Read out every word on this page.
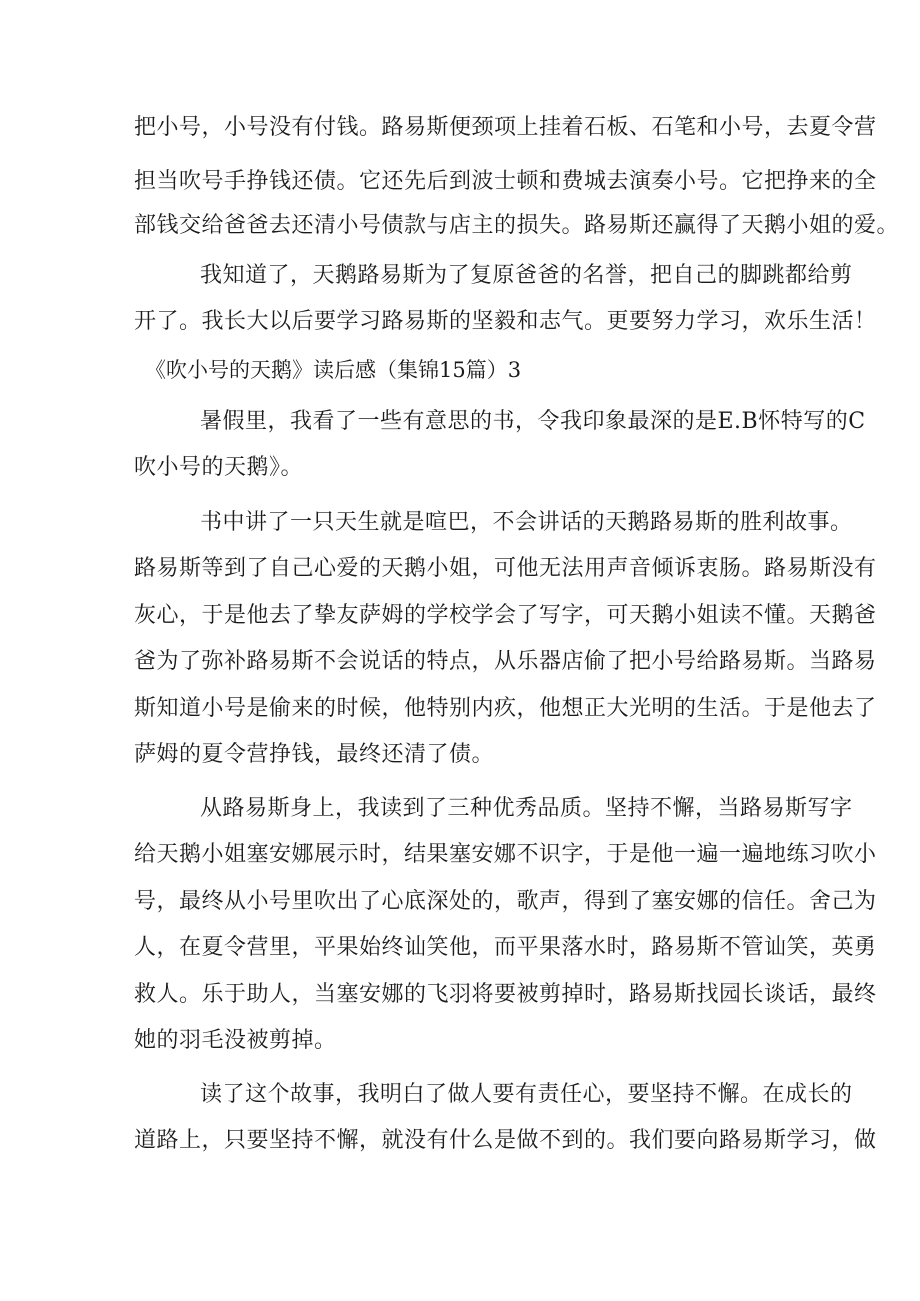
把小号，小号没有付钱。路易斯便颈项上挂着石板、石笔和小号，去夏令营
担当吹号手挣钱还债。它还先后到波士顿和费城去演奏小号。它把挣来的全
部钱交给爸爸去还清小号债款与店主的损失。路易斯还赢得了天鹅小姐的爱。
我知道了，天鹅路易斯为了复原爸爸的名誉，把自己的脚跳都给剪
开了。我长大以后要学习路易斯的坚毅和志气。更要努力学习，欢乐生活！
《吹小号的天鹅》读后感（集锦15篇）3
暑假里，我看了一些有意思的书，令我印象最深的是E.B怀特写的C
吹小号的天鹅》。
书中讲了一只天生就是喧巴，不会讲话的天鹅路易斯的胜利故事。
路易斯等到了自己心爱的天鹅小姐，可他无法用声音倾诉衷肠。路易斯没有
灰心，于是他去了挚友萨姆的学校学会了写字，可天鹅小姐读不懂。天鹅爸
爸为了弥补路易斯不会说话的特点，从乐器店偷了把小号给路易斯。当路易
斯知道小号是偷来的时候，他特别内疚，他想正大光明的生活。于是他去了
萨姆的夏令营挣钱，最终还清了债。
从路易斯身上，我读到了三种优秀品质。坚持不懈，当路易斯写字
给天鹅小姐塞安娜展示时，结果塞安娜不识字，于是他一遍一遍地练习吹小
号，最终从小号里吹出了心底深处的，歌声，得到了塞安娜的信任。舍己为
人，在夏令营里，平果始终讪笑他，而平果落水时，路易斯不管讪笑，英勇
救人。乐于助人，当塞安娜的飞羽将要被剪掉时，路易斯找园长谈话，最终
她的羽毛没被剪掉。
读了这个故事，我明白了做人要有责任心，要坚持不懈。在成长的
道路上，只要坚持不懈，就没有什么是做不到的。我们要向路易斯学习，做
